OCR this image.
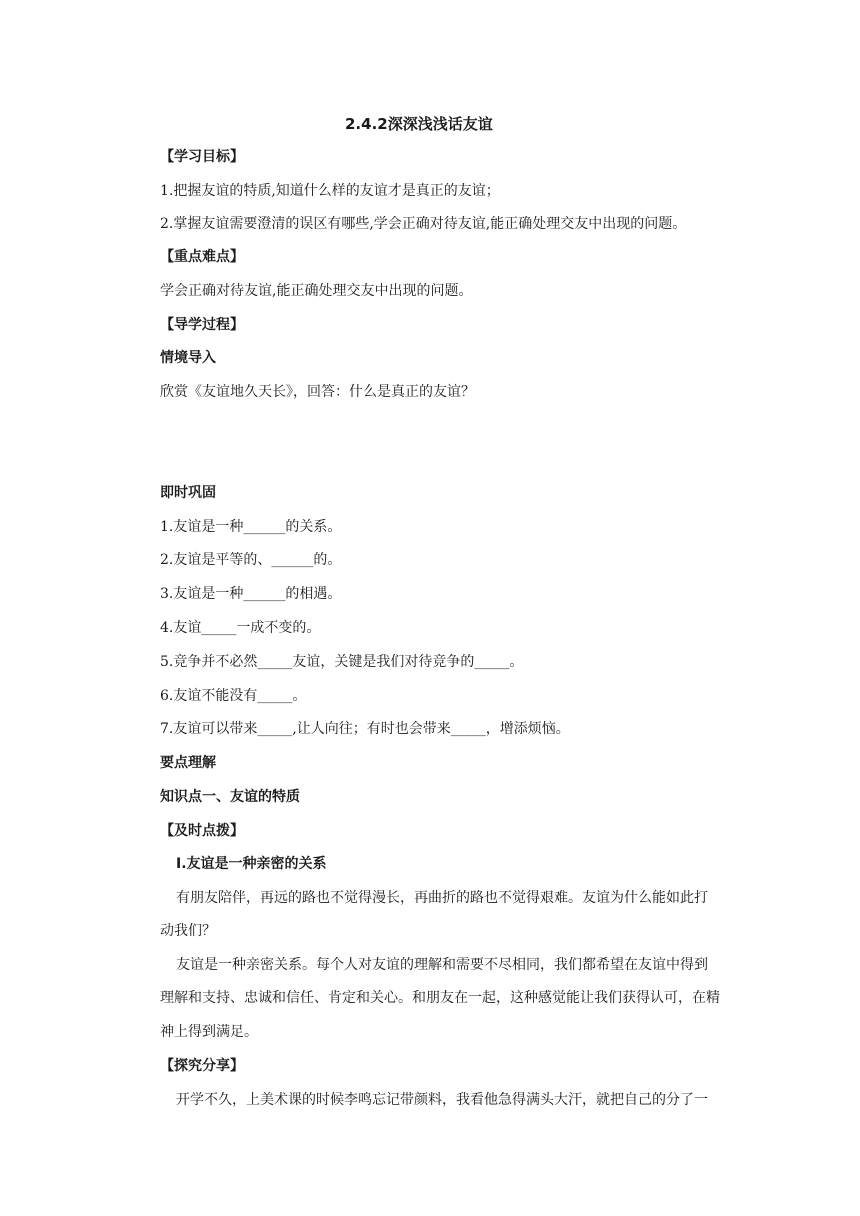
2.4.2深深浅浅话友谊
【学习目标】
1.把握友谊的特质,知道什么样的友谊才是真正的友谊；
2.掌握友谊需要澄清的误区有哪些,学会正确对待友谊,能正确处理交友中出现的问题。
【重点难点】
学会正确对待友谊,能正确处理交友中出现的问题。
【导学过程】
情境导入
欣赏《友谊地久天长》，回答：什么是真正的友谊？
即时巩固
1.友谊是一种______的关系。
2.友谊是平等的、______的。
3.友谊是一种______的相遇。
4.友谊_____一成不变的。
5.竞争并不必然_____友谊，关键是我们对待竞争的_____。
6.友谊不能没有_____。
7.友谊可以带来_____,让人向往；有时也会带来_____，增添烦恼。
要点理解
知识点一、友谊的特质
【及时点拨】
Ⅰ.友谊是一种亲密的关系
有朋友陪伴，再远的路也不觉得漫长，再曲折的路也不觉得艰难。友谊为什么能如此打
动我们？
友谊是一种亲密关系。每个人对友谊的理解和需要不尽相同，我们都希望在友谊中得到
理解和支持、忠诚和信任、肯定和关心。和朋友在一起，这种感觉能让我们获得认可，在精
神上得到满足。
【探究分享】
开学不久，上美术课的时候李鸣忘记带颜料，我看他急得满头大汗，就把自己的分了一
